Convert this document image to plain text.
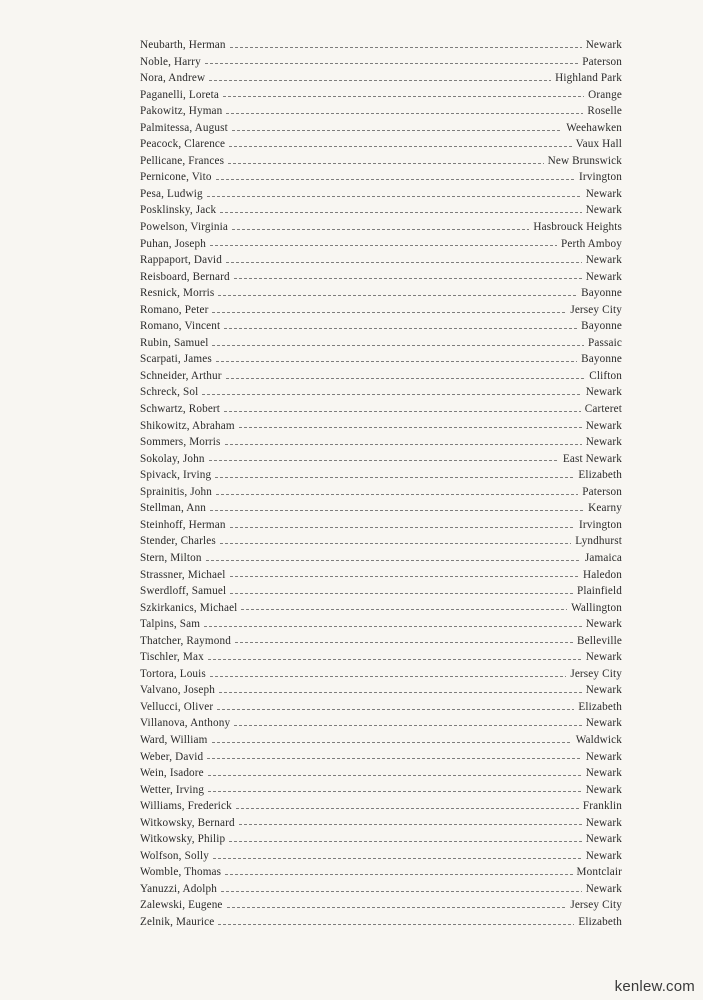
Neubarth, Herman	Newark
Noble, Harry	Paterson
Nora, Andrew	Highland Park
Paganelli, Loreta	Orange
Pakowitz, Hyman	Roselle
Palmitessa, August	Weehawken
Peacock, Clarence	Vaux Hall
Pellicane, Frances	New Brunswick
Pernicone, Vito	Irvington
Pesa, Ludwig	Newark
Posklinsky, Jack	Newark
Powelson, Virginia	Hasbrouck Heights
Puhan, Joseph	Perth Amboy
Rappaport, David	Newark
Reisboard, Bernard	Newark
Resnick, Morris	Bayonne
Romano, Peter	Jersey City
Romano, Vincent	Bayonne
Rubin, Samuel	Passaic
Scarpati, James	Bayonne
Schneider, Arthur	Clifton
Schreck, Sol	Newark
Schwartz, Robert	Carteret
Shikowitz, Abraham	Newark
Sommers, Morris	Newark
Sokolay, John	East Newark
Spivack, Irving	Elizabeth
Sprainitis, John	Paterson
Stellman, Ann	Kearny
Steinhoff, Herman	Irvington
Stender, Charles	Lyndhurst
Stern, Milton	Jamaica
Strassner, Michael	Haledon
Swerdloff, Samuel	Plainfield
Szkirkanics, Michael	Wallington
Talpins, Sam	Newark
Thatcher, Raymond	Belleville
Tischler, Max	Newark
Tortora, Louis	Jersey City
Valvano, Joseph	Newark
Vellucci, Oliver	Elizabeth
Villanova, Anthony	Newark
Ward, William	Waldwick
Weber, David	Newark
Wein, Isadore	Newark
Wetter, Irving	Newark
Williams, Frederick	Franklin
Witkowsky, Bernard	Newark
Witkowsky, Philip	Newark
Wolfson, Solly	Newark
Womble, Thomas	Montclair
Yanuzzi, Adolph	Newark
Zalewski, Eugene	Jersey City
Zelnik, Maurice	Elizabeth
kenlew.com
